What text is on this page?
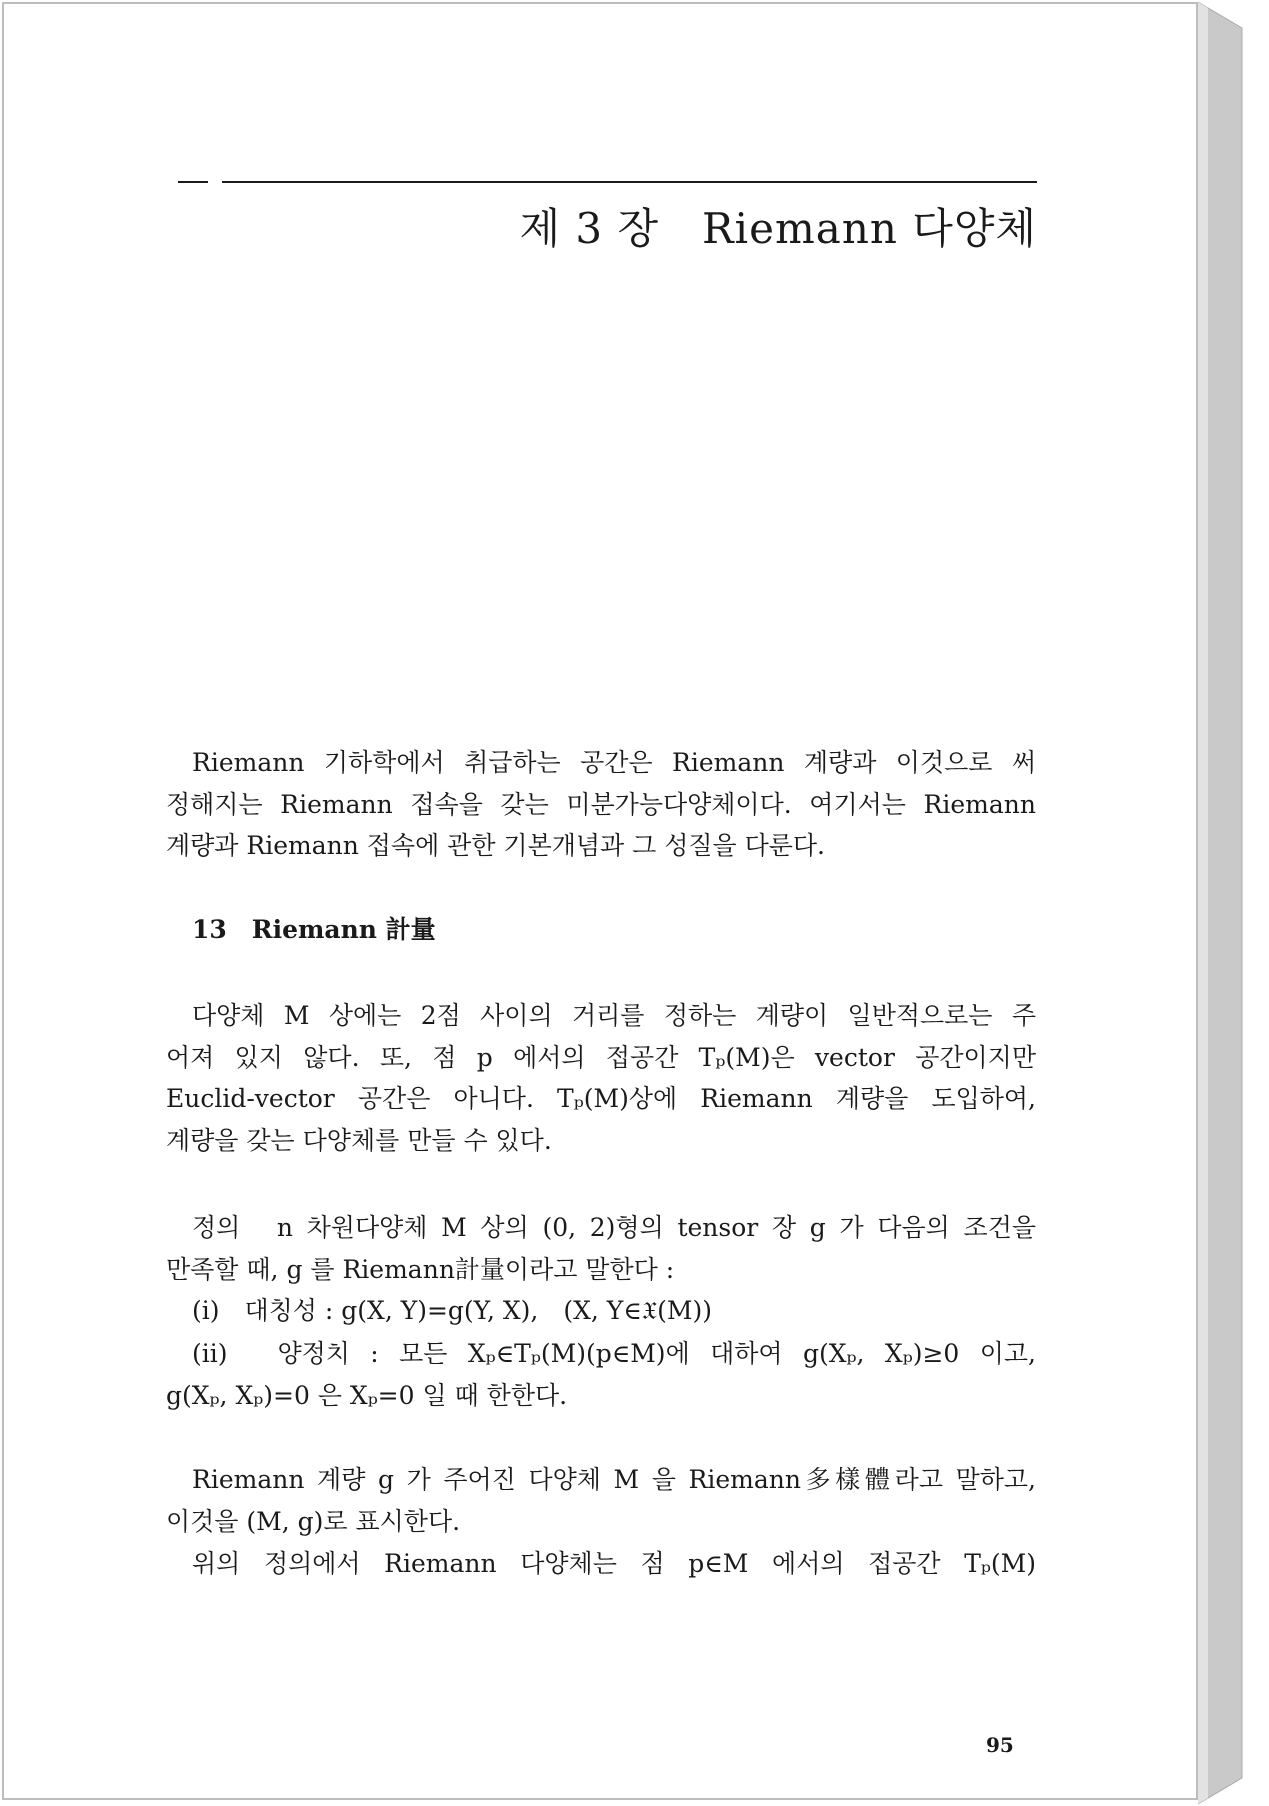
제 3 장　Riemann 다양체
Riemann 기하학에서 취급하는 공간은 Riemann 계량과 이것으로 써
정해지는 Riemann 접속을 갖는 미분가능다양체이다. 여기서는 Riemann
계량과 Riemann 접속에 관한 기본개념과 그 성질을 다룬다.
13　Riemann 計量
다양체 M 상에는 2점 사이의 거리를 정하는 계량이 일반적으로는 주
어져 있지 않다. 또, 점 p 에서의 접공간 Tₚ(M)은 vector 공간이지만
Euclid-vector 공간은 아니다. Tₚ(M)상에 Riemann 계량을 도입하여,
계량을 갖는 다양체를 만들 수 있다.
정의　n 차원다양체 M 상의 (0, 2)형의 tensor 장 g 가 다음의 조건을
만족할 때, g 를 Riemann計量이라고 말한다 :
(i)　대칭성 : g(X, Y)=g(Y, X),　(X, Y∈𝔛(M))
(ii)　양정치 : 모든 Xₚ∈Tₚ(M)(p∈M)에 대하여 g(Xₚ, Xₚ)≥0 이고,
g(Xₚ, Xₚ)=0 은 Xₚ=0 일 때 한한다.
Riemann 계량 g 가 주어진 다양체 M 을 Riemann多樣體라고 말하고,
이것을 (M, g)로 표시한다.
위의 정의에서 Riemann 다양체는 점 p∈M 에서의 접공간 Tₚ(M)
95
